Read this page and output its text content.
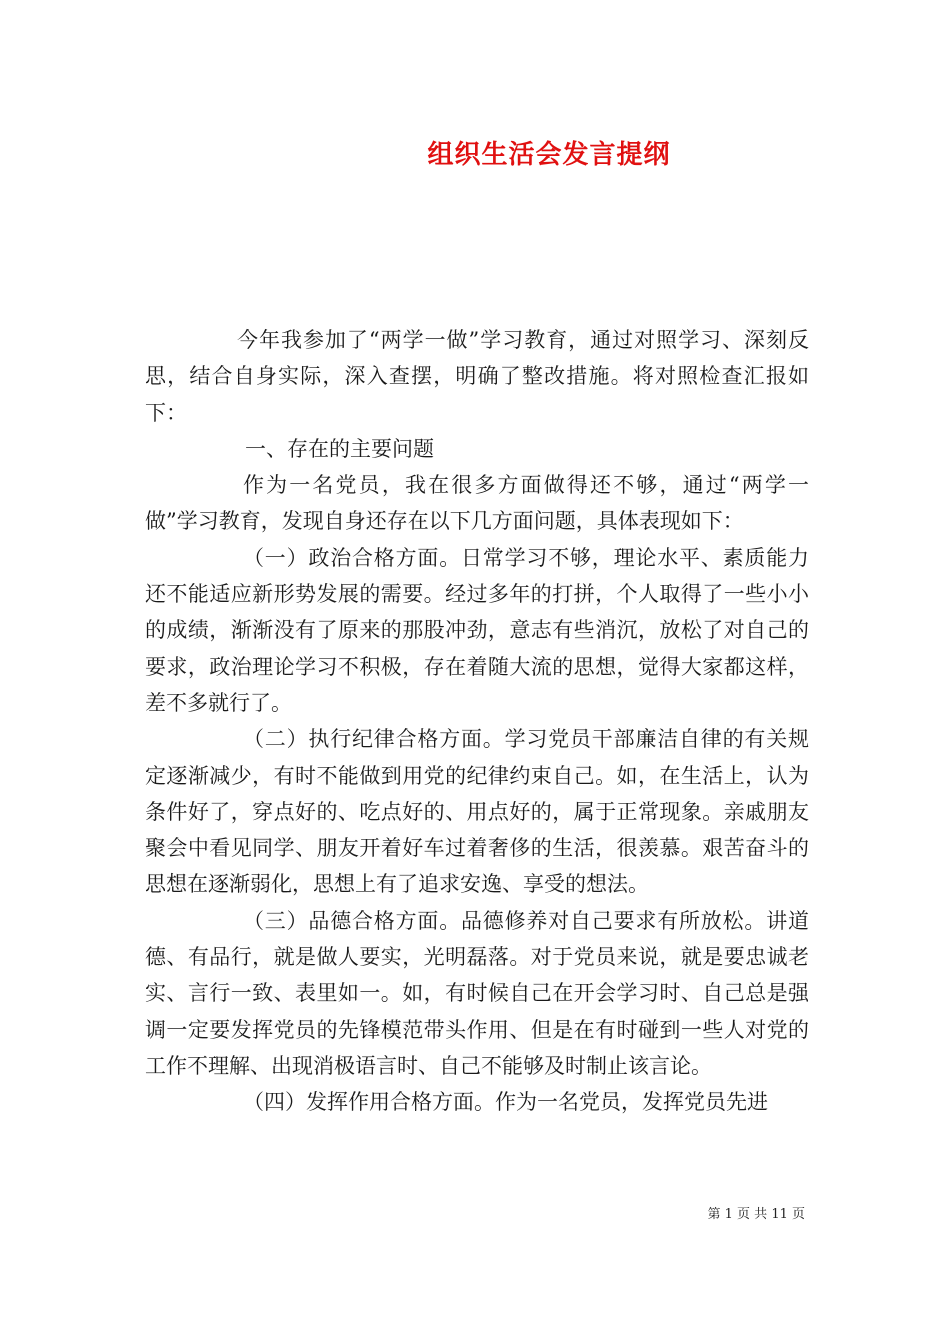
组织生活会发言提纲

今年我参加了“两学一做”学习教育，通过对照学习、深刻反思，结合自身实际，深入查摆，明确了整改措施。将对照检查汇报如下：

一、存在的主要问题

作为一名党员，我在很多方面做得还不够，通过“两学一做”学习教育，发现自身还存在以下几方面问题，具体表现如下：

（一）政治合格方面。日常学习不够，理论水平、素质能力还不能适应新形势发展的需要。经过多年的打拼，个人取得了一些小小的成绩，渐渐没有了原来的那股冲劲，意志有些消沉，放松了对自己的要求，政治理论学习不积极，存在着随大流的思想，觉得大家都这样，差不多就行了。

（二）执行纪律合格方面。学习党员干部廉洁自律的有关规定逐渐减少，有时不能做到用党的纪律约束自己。如，在生活上，认为条件好了，穿点好的、吃点好的、用点好的，属于正常现象。亲戚朋友聚会中看见同学、朋友开着好车过着奢侈的生活，很羡慕。艰苦奋斗的思想在逐渐弱化，思想上有了追求安逸、享受的想法。

（三）品德合格方面。品德修养对自己要求有所放松。讲道德、有品行，就是做人要实，光明磊落。对于党员来说，就是要忠诚老实、言行一致、表里如一。如，有时候自己在开会学习时、自己总是强调一定要发挥党员的先锋模范带头作用、但是在有时碰到一些人对党的工作不理解、出现消极语言时、自己不能够及时制止该言论。

（四）发挥作用合格方面。作为一名党员，发挥党员先进

第 1 页 共 11 页
